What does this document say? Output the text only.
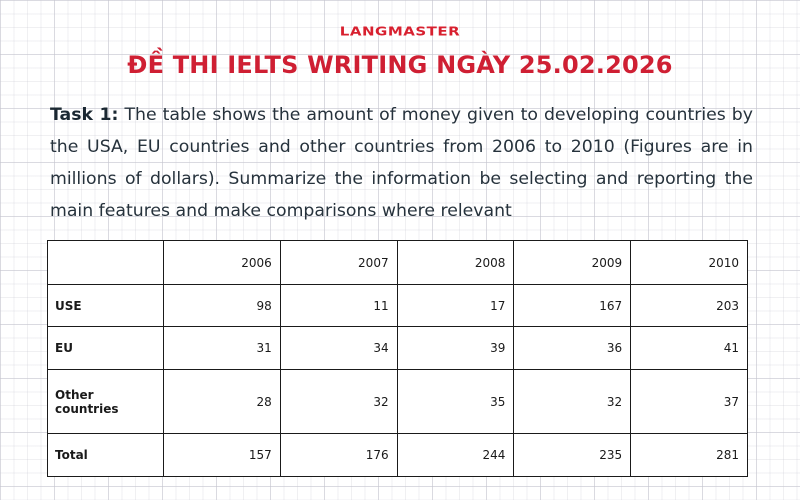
LANGMASTER
ĐỀ THI IELTS WRITING NGÀY 25.02.2026
Task 1: The table shows the amount of money given to developing countries by the USA, EU countries and other countries from 2006 to 2010 (Figures are in millions of dollars). Summarize the information be selecting and reporting the main features and make comparisons where relevant
	2006	2007	2008	2009	2010
USE	98	11	17	167	203
EU	31	34	39	36	41
Other countries	28	32	35	32	37
Total	157	176	244	235	281
